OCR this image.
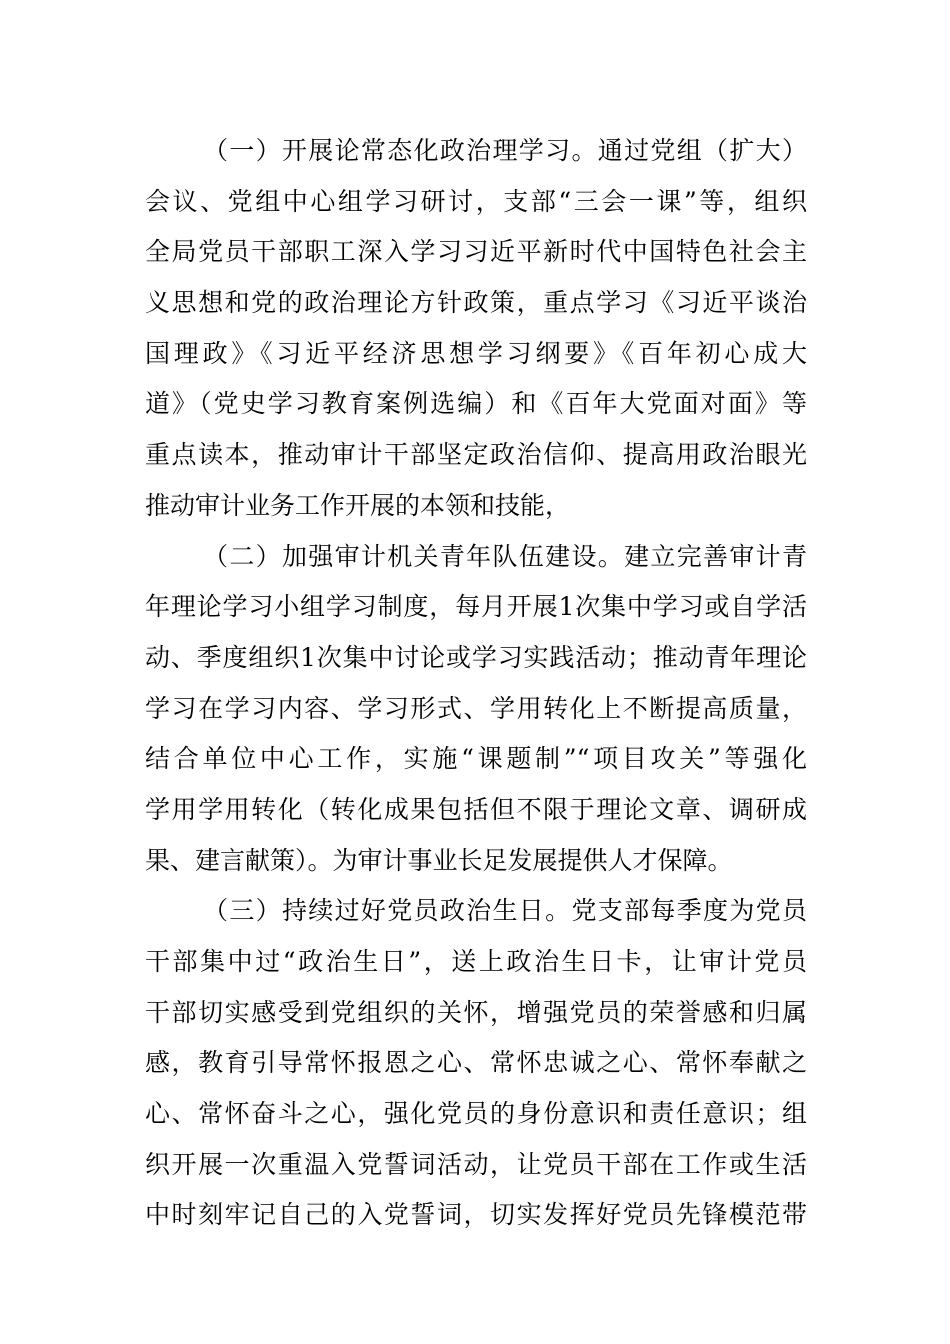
（一）开展论常态化政治理学习。通过党组（扩大）
会议、党组中心组学习研讨，支部“三会一课”等，组织
全局党员干部职工深入学习习近平新时代中国特色社会主
义思想和党的政治理论方针政策，重点学习《习近平谈治
国理政》《习近平经济思想学习纲要》《百年初心成大
道》（党史学习教育案例选编）和《百年大党面对面》等
重点读本，推动审计干部坚定政治信仰、提高用政治眼光
推动审计业务工作开展的本领和技能，
（二）加强审计机关青年队伍建设。建立完善审计青
年理论学习小组学习制度，每月开展1次集中学习或自学活
动、季度组织1次集中讨论或学习实践活动；推动青年理论
学习在学习内容、学习形式、学用转化上不断提高质量，
结合单位中心工作，实施“课题制”“项目攻关”等强化
学用学用转化（转化成果包括但不限于理论文章、调研成
果、建言献策）。为审计事业长足发展提供人才保障。
（三）持续过好党员政治生日。党支部每季度为党员
干部集中过“政治生日”，送上政治生日卡，让审计党员
干部切实感受到党组织的关怀，增强党员的荣誉感和归属
感，教育引导常怀报恩之心、常怀忠诚之心、常怀奉献之
心、常怀奋斗之心，强化党员的身份意识和责任意识；组
织开展一次重温入党誓词活动，让党员干部在工作或生活
中时刻牢记自己的入党誓词，切实发挥好党员先锋模范带
